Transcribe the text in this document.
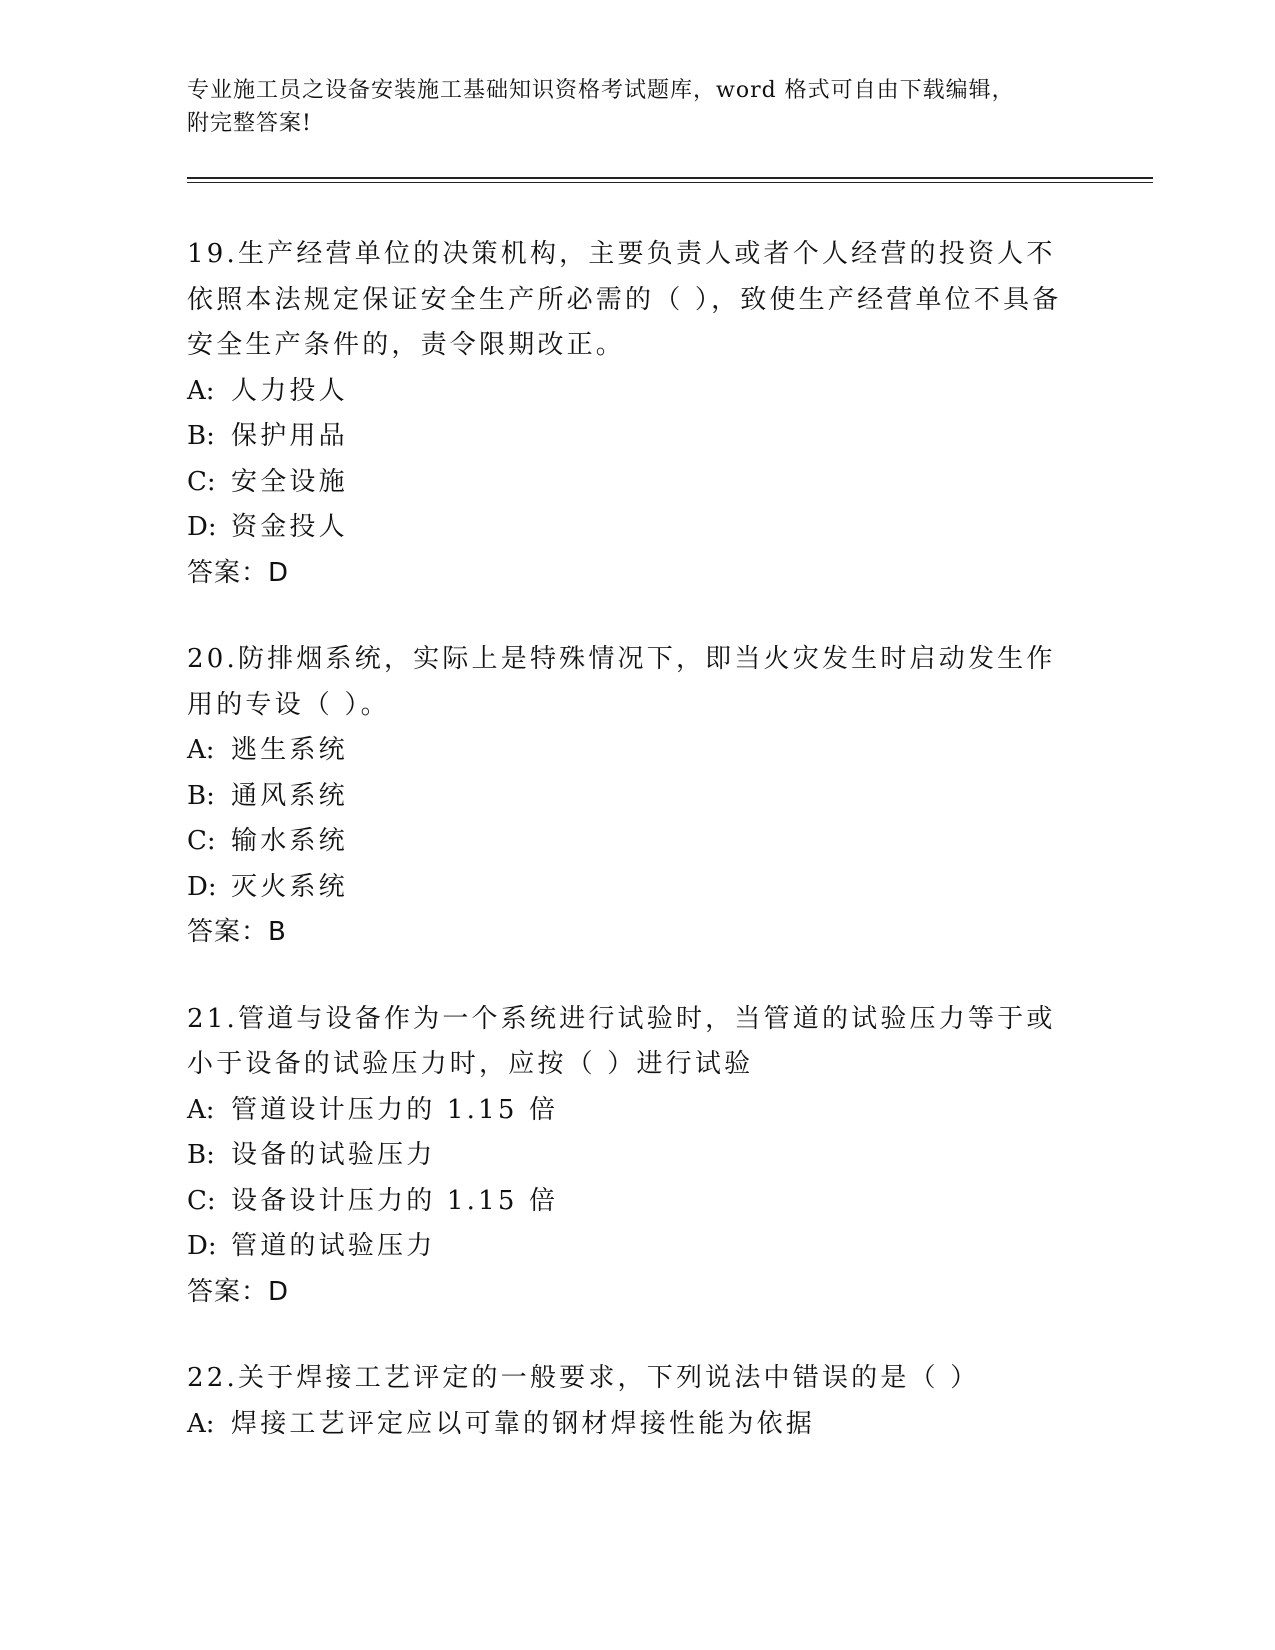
专业施工员之设备安装施工基础知识资格考试题库，word 格式可自由下载编辑，
附完整答案!
19.生产经营单位的决策机构，主要负责人或者个人经营的投资人不依照本法规定保证安全生产所必需的（ ），致使生产经营单位不具备安全生产条件的，责令限期改正。
A: 人力投人
B: 保护用品
C: 安全设施
D: 资金投人
答案：D
20.防排烟系统，实际上是特殊情况下，即当火灾发生时启动发生作用的专设（ ）。
A: 逃生系统
B: 通风系统
C: 输水系统
D: 灭火系统
答案：B
21.管道与设备作为一个系统进行试验时，当管道的试验压力等于或小于设备的试验压力时，应按（ ）进行试验
A: 管道设计压力的 1.15 倍
B: 设备的试验压力
C: 设备设计压力的 1.15 倍
D: 管道的试验压力
答案：D
22.关于焊接工艺评定的一般要求，下列说法中错误的是（ ）
A: 焊接工艺评定应以可靠的钢材焊接性能为依据
